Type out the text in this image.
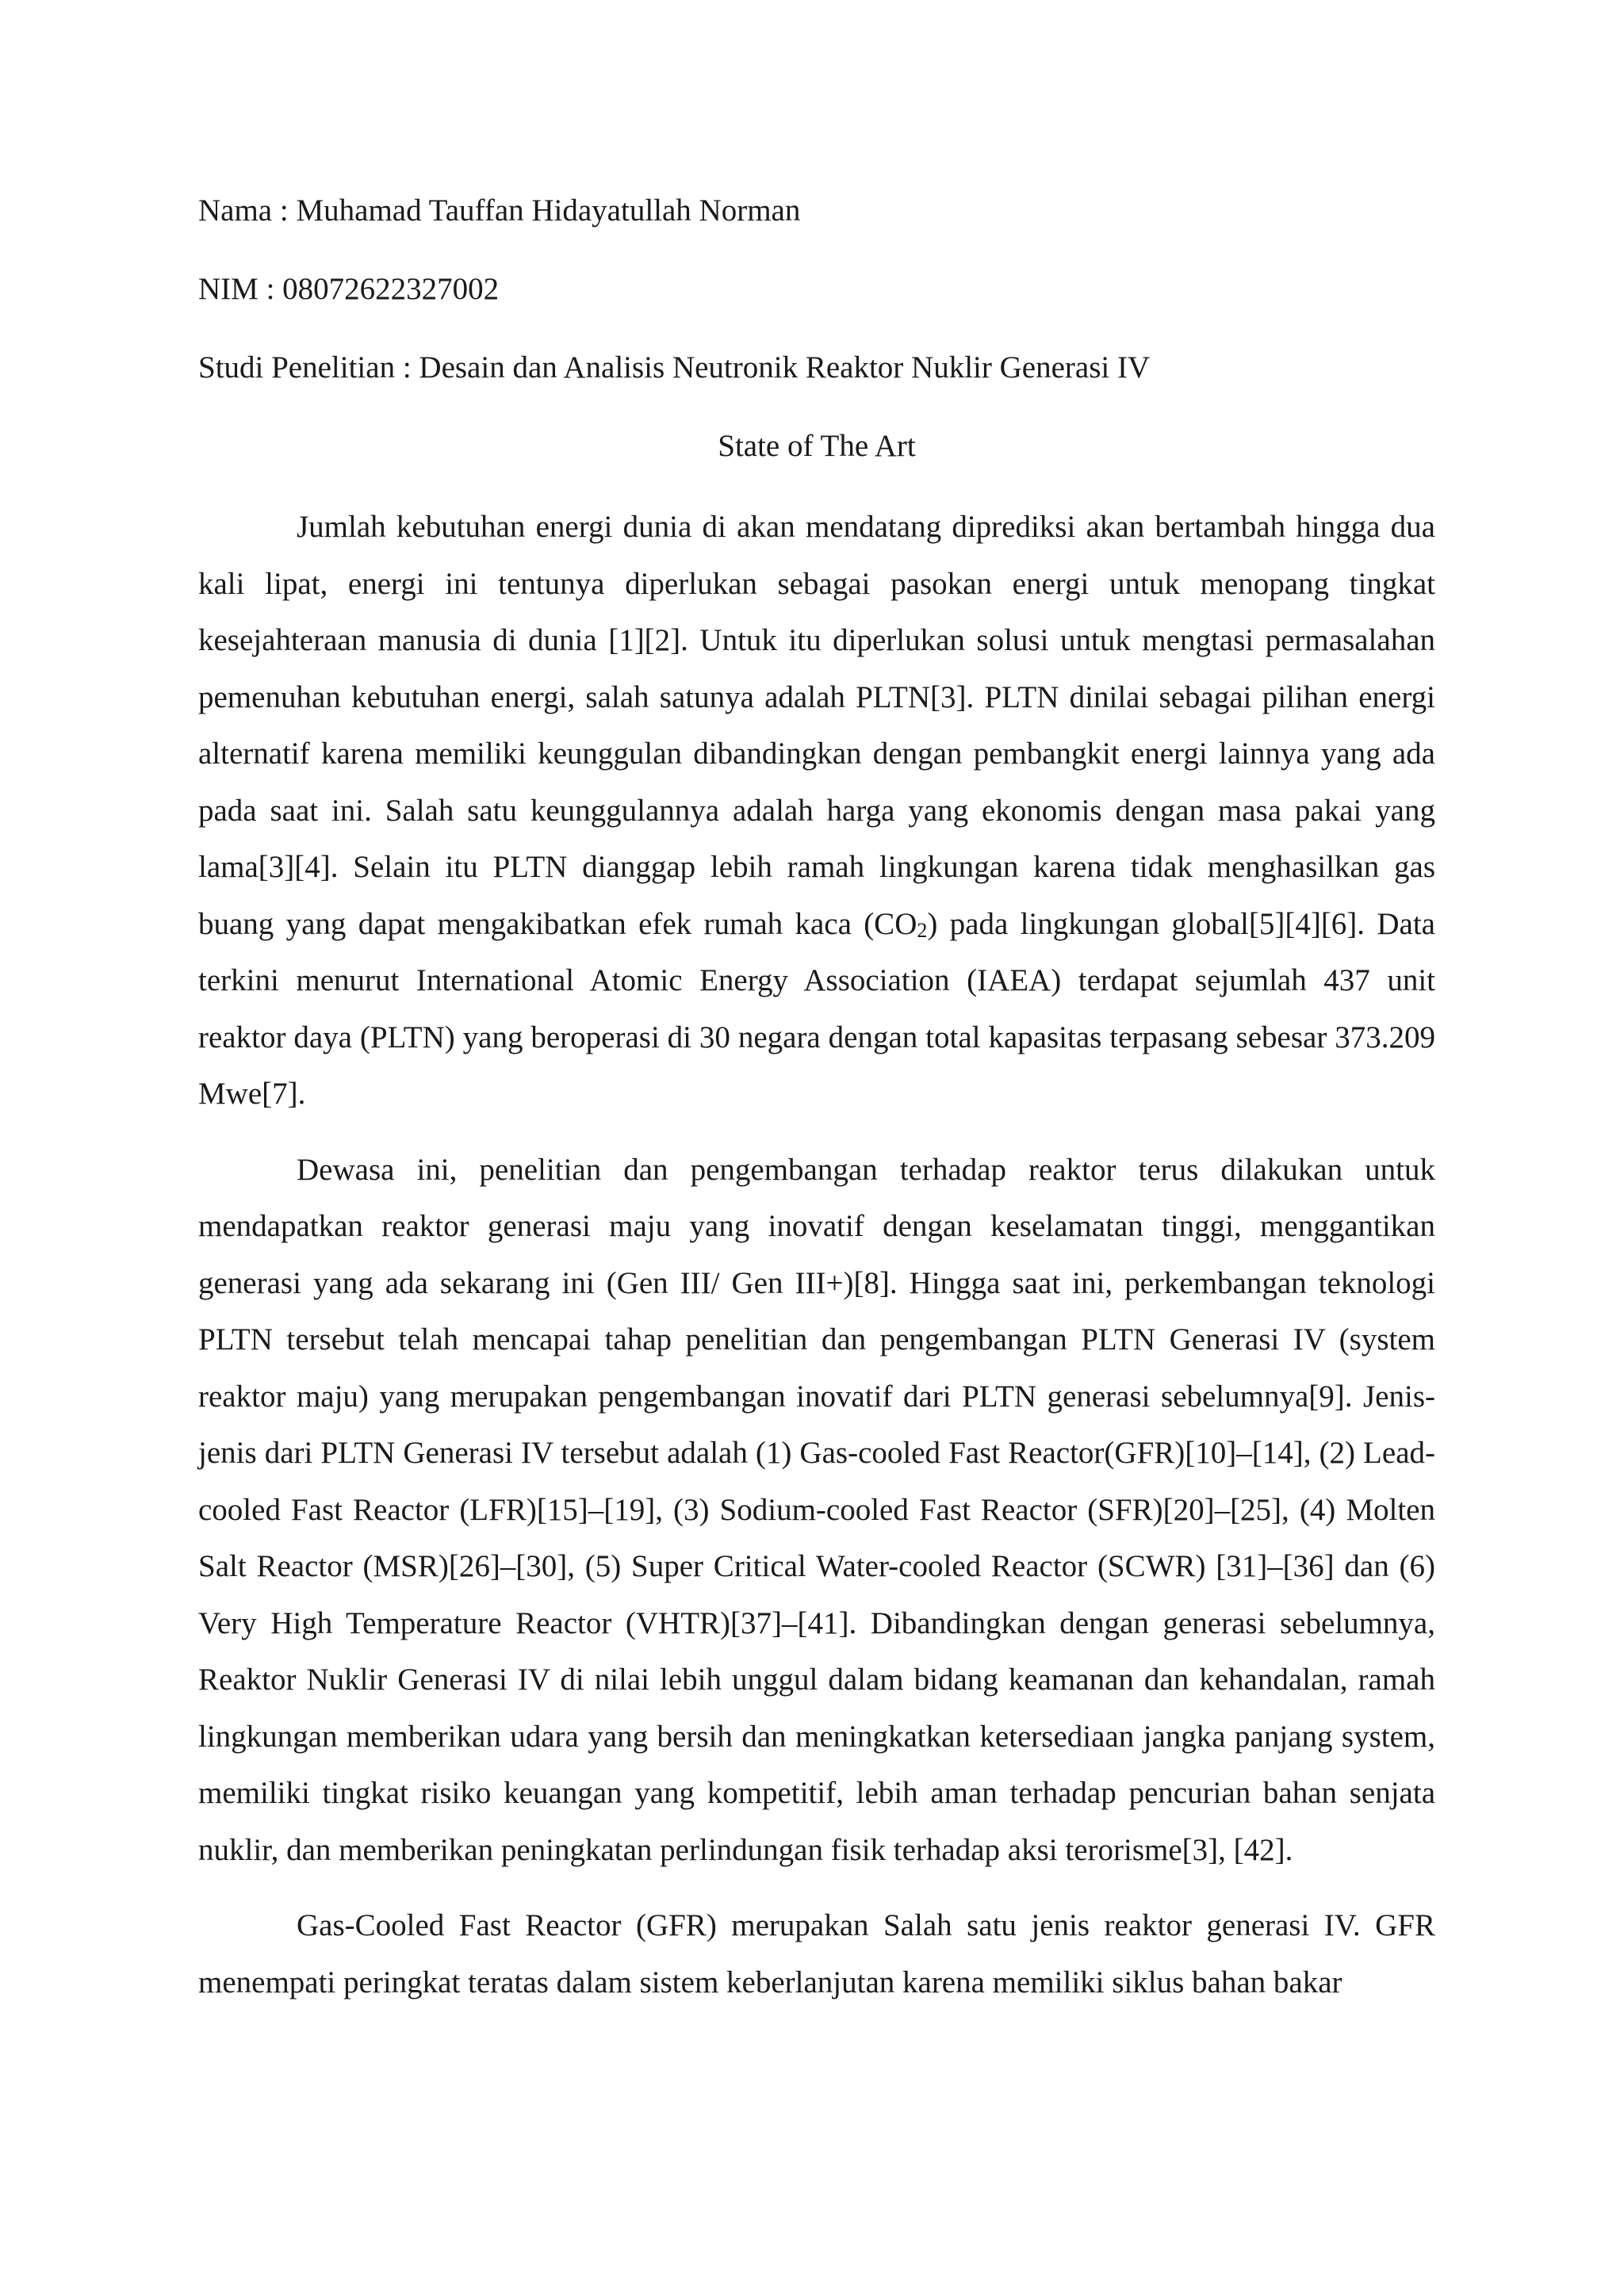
Nama : Muhamad Tauffan Hidayatullah Norman

NIM : 08072622327002

Studi Penelitian : Desain dan Analisis Neutronik Reaktor Nuklir Generasi IV

State of The Art

Jumlah kebutuhan energi dunia di akan mendatang diprediksi akan bertambah hingga dua kali lipat, energi ini tentunya diperlukan sebagai pasokan energi untuk menopang tingkat kesejahteraan manusia di dunia [1][2]. Untuk itu diperlukan solusi untuk mengtasi permasalahan pemenuhan kebutuhan energi, salah satunya adalah PLTN[3]. PLTN dinilai sebagai pilihan energi alternatif karena memiliki keunggulan dibandingkan dengan pembangkit energi lainnya yang ada pada saat ini. Salah satu keunggulannya adalah harga yang ekonomis dengan masa pakai yang lama[3][4]. Selain itu PLTN dianggap lebih ramah lingkungan karena tidak menghasilkan gas buang yang dapat mengakibatkan efek rumah kaca $(CO_2)$ pada lingkungan global[5][4][6]. Data terkini menurut International Atomic Energy Association (IAEA) terdapat sejumlah 437 unit reaktor daya (PLTN) yang beroperasi di 30 negara dengan total kapasitas terpasang sebesar 373.209 Mwe[7].

Dewasa ini, penelitian dan pengembangan terhadap reaktor terus dilakukan untuk mendapatkan reaktor generasi maju yang inovatif dengan keselamatan tinggi, menggantikan generasi yang ada sekarang ini (Gen III/ Gen III+)[8]. Hingga saat ini, perkembangan teknologi PLTN tersebut telah mencapai tahap penelitian dan pengembangan PLTN Generasi IV (system reaktor maju) yang merupakan pengembangan inovatif dari PLTN generasi sebelumnya[9]. Jenis-jenis dari PLTN Generasi IV tersebut adalah (1) Gas-cooled Fast Reactor(GFR)[10]–[14], (2) Lead-cooled Fast Reactor (LFR)[15]–[19], (3) Sodium-cooled Fast Reactor (SFR)[20]–[25], (4) Molten Salt Reactor (MSR)[26]–[30], (5) Super Critical Water-cooled Reactor (SCWR) [31]–[36] dan (6) Very High Temperature Reactor (VHTR)[37]–[41]. Dibandingkan dengan generasi sebelumnya, Reaktor Nuklir Generasi IV di nilai lebih unggul dalam bidang keamanan dan kehandalan, ramah lingkungan memberikan udara yang bersih dan meningkatkan ketersediaan jangka panjang system, memiliki tingkat risiko keuangan yang kompetitif, lebih aman terhadap pencurian bahan senjata nuklir, dan memberikan peningkatan perlindungan fisik terhadap aksi terorisme[3], [42].

Gas-Cooled Fast Reactor (GFR) merupakan Salah satu jenis reaktor generasi IV. GFR menempati peringkat teratas dalam sistem keberlanjutan karena memiliki siklus bahan bakar
